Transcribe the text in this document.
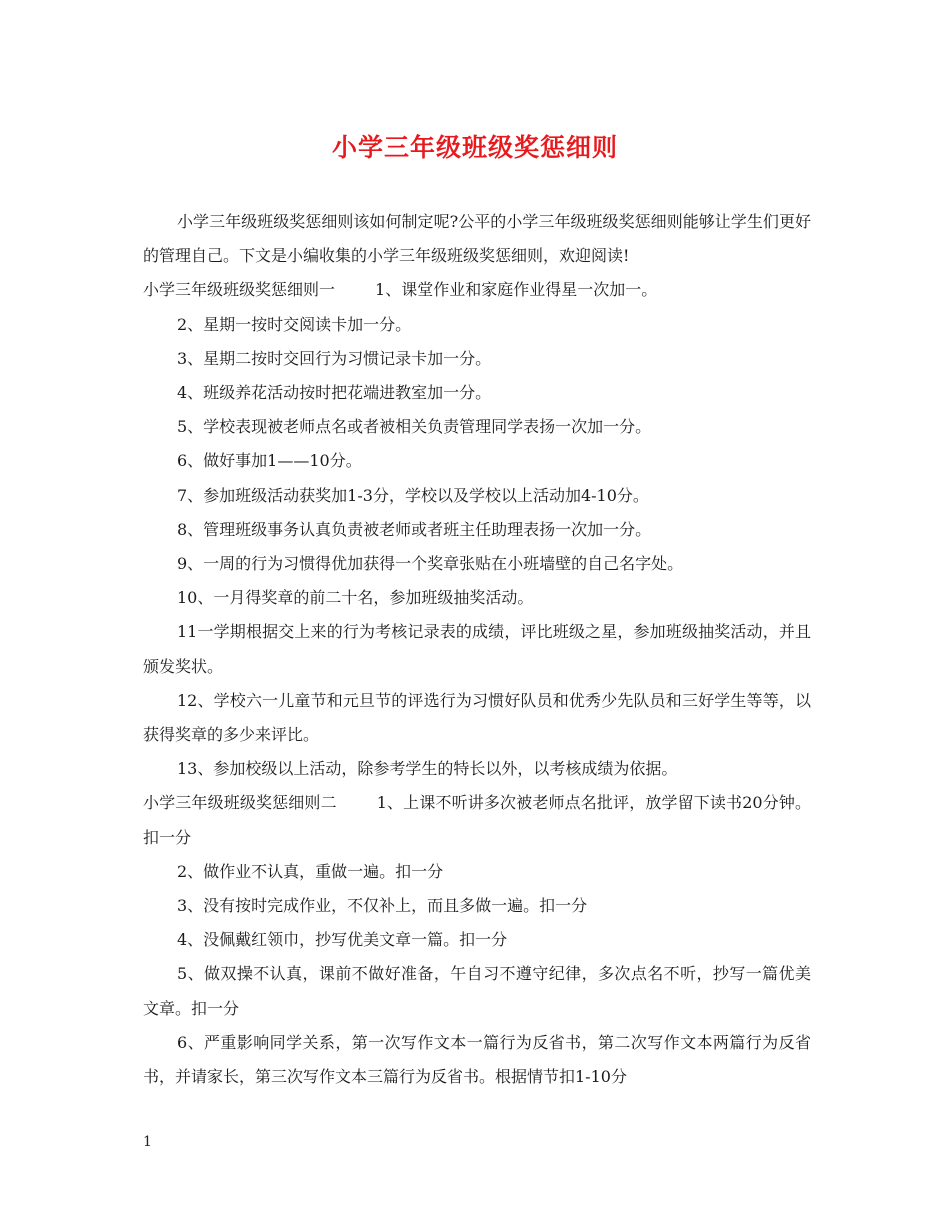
小学三年级班级奖惩细则

小学三年级班级奖惩细则该如何制定呢?公平的小学三年级班级奖惩细则能够让学生们更好的管理自己。下文是小编收集的小学三年级班级奖惩细则，欢迎阅读!

小学三年级班级奖惩细则一	1、课堂作业和家庭作业得星一次加一。

2、星期一按时交阅读卡加一分。

3、星期二按时交回行为习惯记录卡加一分。

4、班级养花活动按时把花端进教室加一分。

5、学校表现被老师点名或者被相关负责管理同学表扬一次加一分。

6、做好事加1——10分。

7、参加班级活动获奖加1-3分，学校以及学校以上活动加4-10分。

8、管理班级事务认真负责被老师或者班主任助理表扬一次加一分。

9、一周的行为习惯得优加获得一个奖章张贴在小班墙壁的自己名字处。

10、一月得奖章的前二十名，参加班级抽奖活动。

11一学期根据交上来的行为考核记录表的成绩，评比班级之星，参加班级抽奖活动，并且颁发奖状。

12、学校六一儿童节和元旦节的评选行为习惯好队员和优秀少先队员和三好学生等等，以获得奖章的多少来评比。

13、参加校级以上活动，除参考学生的特长以外，以考核成绩为依据。

小学三年级班级奖惩细则二	1、上课不听讲多次被老师点名批评，放学留下读书20分钟。扣一分

2、做作业不认真，重做一遍。扣一分

3、没有按时完成作业，不仅补上，而且多做一遍。扣一分

4、没佩戴红领巾，抄写优美文章一篇。扣一分

5、做双操不认真，课前不做好准备，午自习不遵守纪律，多次点名不听，抄写一篇优美文章。扣一分

6、严重影响同学关系，第一次写作文本一篇行为反省书，第二次写作文本两篇行为反省书，并请家长，第三次写作文本三篇行为反省书。根据情节扣1-10分

1
